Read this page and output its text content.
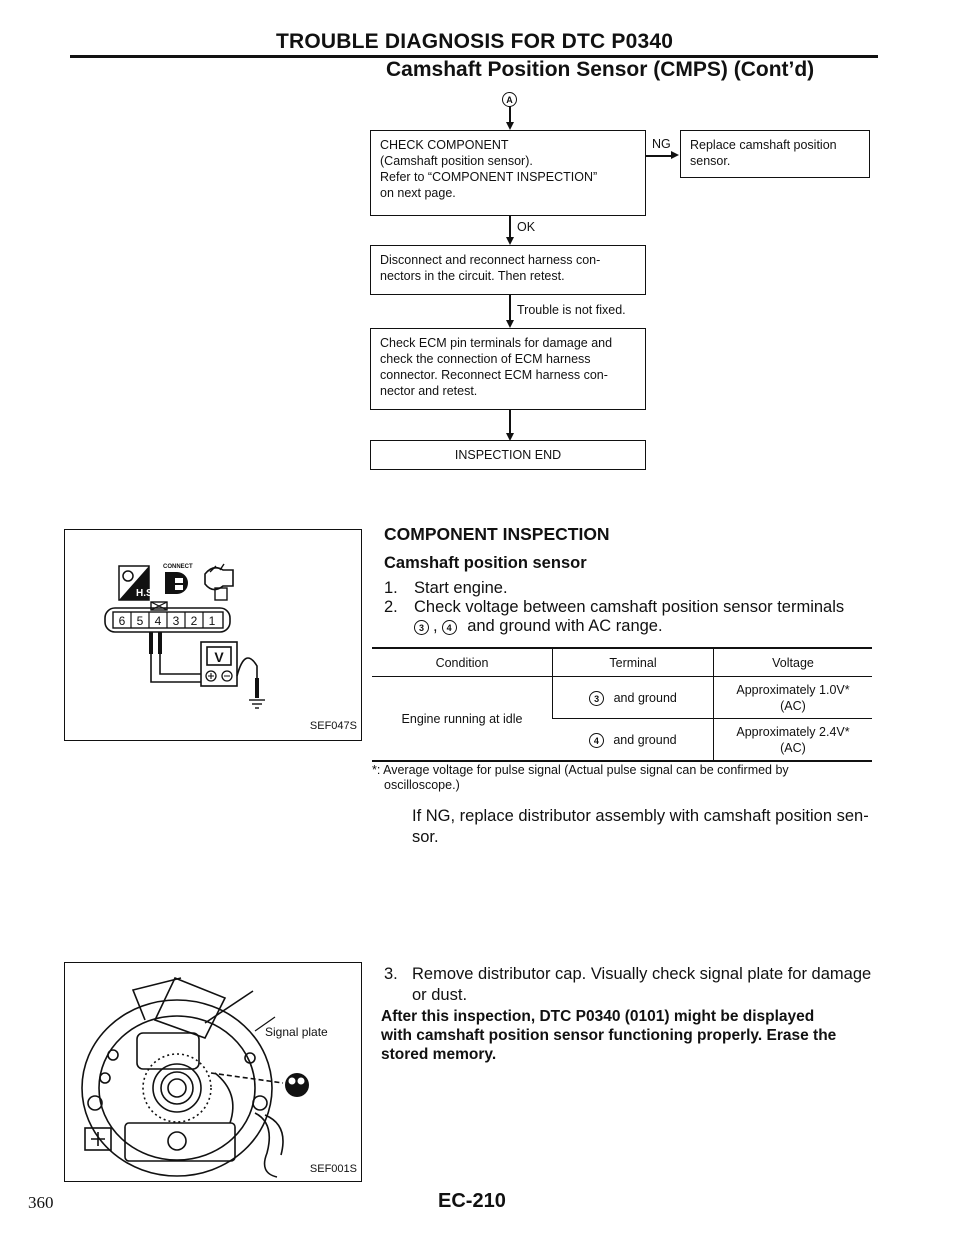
TROUBLE DIAGNOSIS FOR DTC P0340
Camshaft Position Sensor (CMPS) (Cont’d)
A
CHECK COMPONENT
(Camshaft position sensor).
Refer to “COMPONENT INSPECTION”
on next page.
NG Replace camshaft position
sensor.
OK
Disconnect and reconnect harness con-
nectors in the circuit. Then retest.
Trouble is not fixed.
Check ECM pin terminals for damage and
check the connection of ECM harness
connector. Reconnect ECM harness con-
nector and retest.
INSPECTION END
H.S.
CONNECT
6 5 4 3 2 1
V
SEF047S
COMPONENT INSPECTION
Camshaft position sensor
1. Start engine.
2. Check voltage between camshaft position sensor terminals
3 , 4 and ground with AC range.
Condition	Terminal	Voltage
Engine running at idle	3 and ground	Approximately 1.0V*
(AC)

	4 and ground	Approximately 2.4V*
(AC)
*: Average voltage for pulse signal (Actual pulse signal can be confirmed by
oscilloscope.)
If NG, replace distributor assembly with camshaft position sen-
sor.
Signal plate
SEF001S
3. Remove distributor cap. Visually check signal plate for damage
or dust.
After this inspection, DTC P0340 (0101) might be displayed
with camshaft position sensor functioning properly. Erase the
stored memory.
360	EC-210
